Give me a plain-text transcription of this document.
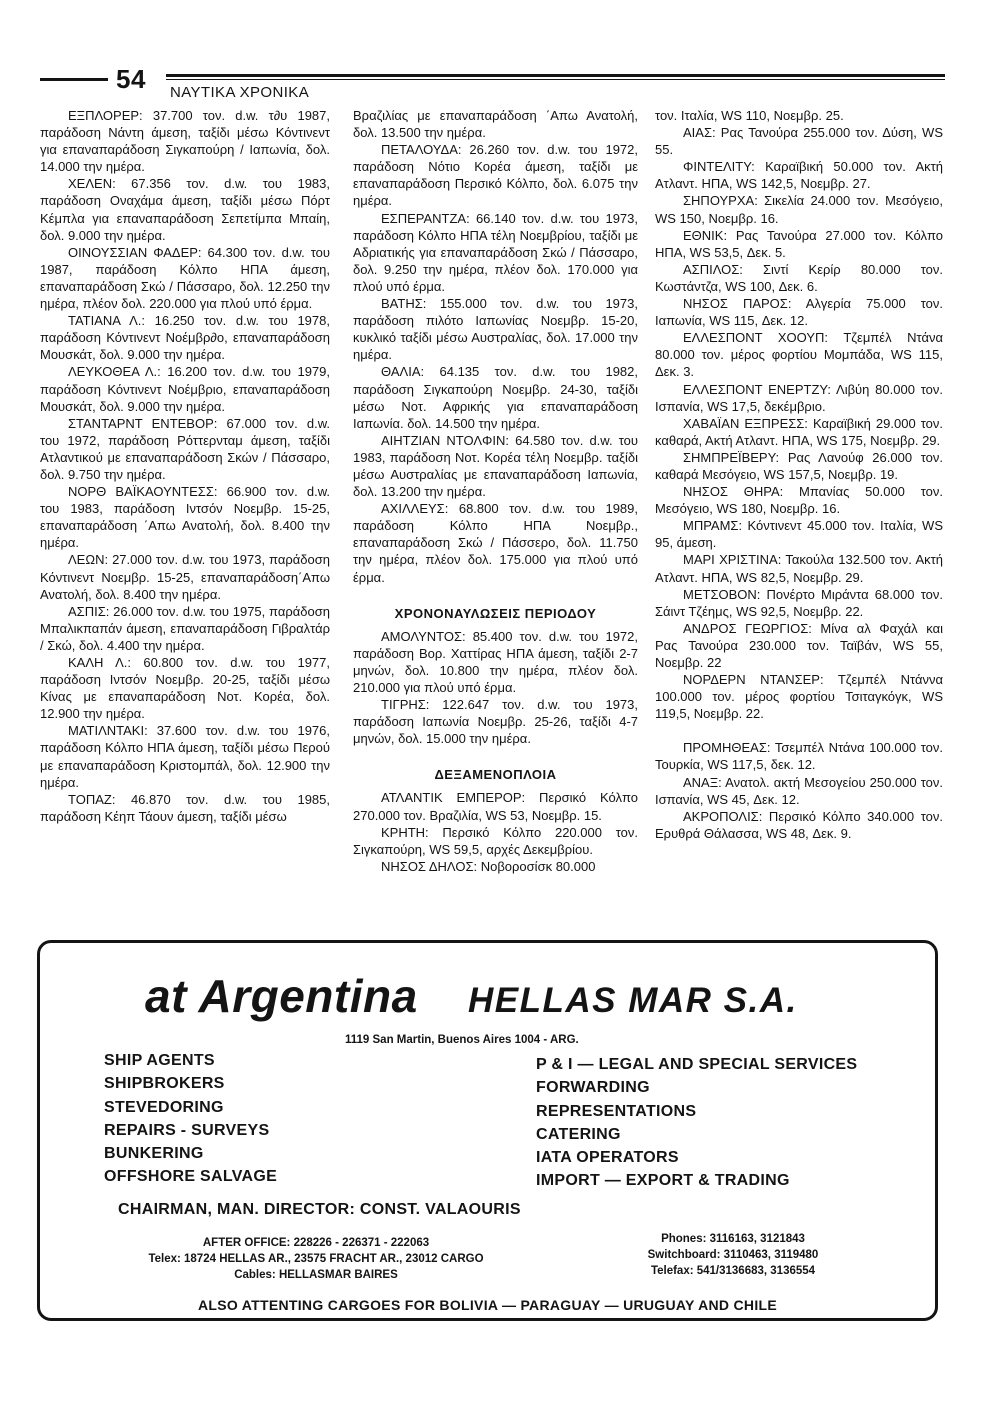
54 ΝΑΥΤΙΚΑ ΧΡΟΝΙΚΑ

ΕΞΠΛΟΡΕΡ: 37.700 τον. d.w. τ∂υ 1987, παράδοση Νάντη άμεση, ταξίδι μέσω Κόντινεντ για επαναπαράδοση Σιγκαπούρη / Ιαπωνία, δολ. 14.000 την ημέρα.

ΧΕΛΕΝ: 67.356 τον. d.w. του 1983, παράδοση Οναχάμα άμεση, ταξίδι μέσω Πόρτ Κέμπλα για επαναπαράδοση Σεπετίμπα Μπαίη, δολ. 9.000 την ημέρα.

ΟΙΝΟΥΣΣΙΑΝ ΦΑΔΕΡ: 64.300 τον. d.w. του 1987, παράδοση Κόλπο ΗΠΑ άμεση, επαναπαράδοση Σκώ / Πάσσαρο, δολ. 12.250 την ημέρα, πλέον δολ. 220.000 για πλού υπό έρμα.

ΤΑΤΙΑΝΑ Λ.: 16.250 τον. d.w. του 1978, παράδοση Κόντινεντ Νοέμβρ∂ο, επαναπαράδοση Μουσκάτ, δολ. 9.000 την ημέρα.

ΛΕΥΚΟΘΕΑ Λ.: 16.200 τον. d.w. του 1979, παράδοση Κόντινεντ Νοέμβριο, επαναπαράδοση Μουσκάτ, δολ. 9.000 την ημέρα.

ΣΤΑΝΤΑΡΝΤ ΕΝΤΕΒΟΡ: 67.000 τον. d.w. του 1972, παράδοση Ρόττερνταμ άμεση, ταξίδι Ατλαντικού με επαναπαράδοση Σκών / Πάσσαρο, δολ. 9.750 την ημέρα.

ΝΟΡΘ ΒΑΪΚΑΟΥΝΤΕΣΣ: 66.900 τον. d.w. του 1983, παράδοση Ιντσόν Νοεμβρ. 15-25, επαναπαράδοση ΄Απω Ανατολή, δολ. 8.400 την ημέρα.

ΛΕΩΝ: 27.000 τον. d.w. του 1973, παράδοση Κόντινεντ Νοεμβρ. 15-25, επαναπαράδοση΄Απω Ανατολή, δολ. 8.400 την ημέρα.

ΑΣΠΙΣ: 26.000 τον. d.w. του 1975, παράδοση Μπαλικπαπάν άμεση, επαναπαράδοση Γιβραλτάρ / Σκώ, δολ. 4.400 την ημέρα.

ΚΑΛΗ Λ.: 60.800 τον. d.w. του 1977, παράδοση Ιντσόν Νοεμβρ. 20-25, ταξίδι μέσω Κίνας με επαναπαράδοση Νοτ. Κορέα, δολ. 12.900 την ημέρα.

ΜΑΤΙΛΝΤΑΚΙ: 37.600 τον. d.w. του 1976, παράδοση Κόλπο ΗΠΑ άμεση, ταξίδι μέσω Περού με επαναπαράδοση Κριστομπάλ, δολ. 12.900 την ημέρα.

ΤΟΠΑΖ: 46.870 τον. d.w. του 1985, παράδοση Κέηπ Τάουν άμεση, ταξίδι μέσω

Βραζιλίας με επαναπαράδοση ΄Απω Ανατολή, δολ. 13.500 την ημέρα.

ΠΕΤΑΛΟΥΔΑ: 26.260 τον. d.w. του 1972, παράδοση Νότιο Κορέα άμεση, ταξίδι με επαναπαράδοση Περσικό Κόλπο, δολ. 6.075 την ημέρα.

ΕΣΠΕΡΑΝΤΖΑ: 66.140 τον. d.w. του 1973, παράδοση Κόλπο ΗΠΑ τέλη Νοεμβρίου, ταξίδι με Αδριατικής για επαναπαράδοση Σκώ / Πάσσαρο, δολ. 9.250 την ημέρα, πλέον δολ. 170.000 για πλού υπό έρμα.

ΒΑΤΗΣ: 155.000 τον. d.w. του 1973, παράδοση πιλότο Ιαπωνίας Νοεμβρ. 15-20, κυκλικό ταξίδι μέσω Αυστραλίας, δολ. 17.000 την ημέρα.

ΘΑΛΙΑ: 64.135 τον. d.w. του 1982, παράδοση Σιγκαπούρη Νοεμβρ. 24-30, ταξίδι μέσω Νοτ. Αφρικής για επαναπαράδοση Ιαπωνία. δολ. 14.500 την ημέρα.

ΑΙΗΤΖΙΑΝ ΝΤΟΛΦΙΝ: 64.580 τον. d.w. του 1983, παράδοση Νοτ. Κορέα τέλη Νοεμβρ. ταξίδι μέσω Αυστραλίας με επαναπαράδοση Ιαπωνία, δολ. 13.200 την ημέρα.

ΑΧΙΛΛΕΥΣ: 68.800 τον. d.w. του 1989, παράδοση Κόλπο ΗΠΑ Νοεμβρ., επαναπαράδοση Σκώ / Πάσσερο, δολ. 11.750 την ημέρα, πλέον δολ. 175.000 για πλού υπό έρμα.

ΧΡΟΝΟΝΑΥΛΩΣΕΙΣ ΠΕΡΙΟΔΟΥ

ΑΜΟΛΥΝΤΟΣ: 85.400 τον. d.w. του 1972, παράδοση Βορ. Χαττίρας ΗΠΑ άμεση, ταξίδι 2-7 μηνών, δολ. 10.800 την ημέρα, πλέον δολ. 210.000 για πλού υπό έρμα.

ΤΙΓΡΗΣ: 122.647 τον. d.w. του 1973, παράδοση Ιαπωνία Νοεμβρ. 25-26, ταξίδι 4-7 μηνών, δολ. 15.000 την ημέρα.

ΔΕΞΑΜΕΝΟΠΛΟΙΑ

ΑΤΛΑΝΤΙΚ ΕΜΠΕΡΟΡ: Περσικό Κόλπο 270.000 τον. Βραζιλία, WS 53, Νοεμβρ. 15.

ΚΡΗΤΗ: Περσικό Κόλπο 220.000 τον. Σιγκαπούρη, WS 59,5, αρχές Δεκεμβρίου.

ΝΗΣΟΣ ΔΗΛΟΣ: Νοβοροσίσκ 80.000

τον. Ιταλία, WS 110, Νοεμβρ. 25.

ΑΙΑΣ: Ρας Τανούρα 255.000 τον. Δύση, WS 55.

ΦΙΝΤΕΛΙΤΥ: Καραϊβική 50.000 τον. Ακτή Ατλαντ. ΗΠΑ, WS 142,5, Νοεμβρ. 27.

ΣΗΠΟΥΡΧΑ: Σικελία 24.000 τον. Μεσόγειο, WS 150, Νοεμβρ. 16.

ΕΘΝΙΚ: Ρας Τανούρα 27.000 τον. Κόλπο ΗΠΑ, WS 53,5, Δεκ. 5.

ΑΣΠΙΛΟΣ: Σιντί Κερίρ 80.000 τον. Κωστάντζα, WS 100, Δεκ. 6.

ΝΗΣΟΣ ΠΑΡΟΣ: Αλγερία 75.000 τον. Ιαπωνία, WS 115, Δεκ. 12.

ΕΛΛΕΣΠΟΝΤ ΧΟΟΥΠ: Τζεμπέλ Ντάνα 80.000 τον. μέρος φορτίου Μομπάδα, WS 115, Δεκ. 3.

ΕΛΛΕΣΠΟΝΤ ΕΝΕΡΤΖΥ: Λιβύη 80.000 τον. Ισπανία, WS 17,5, δεκέμβριο.

ΧΑΒΑΪΑΝ ΕΞΠΡΕΣΣ: Καραϊβική 29.000 τον. καθαρά, Ακτή Ατλαντ. ΗΠΑ, WS 175, Νοεμβρ. 29.

ΣΗΜΠΡΕΪΒΕΡΥ: Ρας Λανούφ 26.000 τον. καθαρά Μεσόγειο, WS 157,5, Νοεμβρ. 19.

ΝΗΣΟΣ ΘΗΡΑ: Μπανίας 50.000 τον. Μεσόγειο, WS 180, Νοεμβρ. 16.

ΜΠΡΑΜΣ: Κόντινεντ 45.000 τον. Ιταλία, WS 95, άμεση.

ΜΑΡΙ ΧΡΙΣΤΙΝΑ: Τακούλα 132.500 τον. Ακτή Ατλαντ. ΗΠΑ, WS 82,5, Νοεμβρ. 29.

ΜΕΤΣΟΒΟΝ: Πονέρτο Μιράντα 68.000 τον. Σάιντ Τζέημς, WS 92,5, Νοεμβρ. 22.

ΑΝΔΡΟΣ ΓΕΩΡΓΙΟΣ: Μίνα αλ Φαχάλ και Ρας Τανούρα 230.000 τον. Ταϊβάν, WS 55, Νοεμβρ. 22

ΝΟΡΔΕΡΝ ΝΤΑΝΣΕΡ: Τζεμπέλ Ντάννα 100.000 τον. μέρος φορτίου Τσιταγκόγκ, WS 119,5, Νοεμβρ. 22.

ΠΡΟΜΗΘΕΑΣ: Τσεμπέλ Ντάνα 100.000 τον. Τουρκία, WS 117,5, δεκ. 12.

ΑΝΑΞ: Ανατολ. ακτή Μεσογείου 250.000 τον. Ισπανία, WS 45, Δεκ. 12.

ΑΚΡΟΠΟΛΙΣ: Περσικό Κόλπο 340.000 τον. Ερυθρά Θάλασσα, WS 48, Δεκ. 9.

at Argentina HELLAS MAR S.A.
1119 San Martin, Buenos Aires 1004 - ARG.
SHIP AGENTS
SHIPBROKERS
STEVEDORING
REPAIRS - SURVEYS
BUNKERING
OFFSHORE SALVAGE
P & I — LEGAL AND SPECIAL SERVICES
FORWARDING
REPRESENTATIONS
CATERING
IATA OPERATORS
IMPORT — EXPORT & TRADING
CHAIRMAN, MAN. DIRECTOR: CONST. VALAOURIS
AFTER OFFICE: 228226 - 226371 - 222063
Telex: 18724 HELLAS AR., 23575 FRACHT AR., 23012 CARGO
Cables: HELLASMAR BAIRES
Phones: 3116163, 3121843
Switchboard: 3110463, 3119480
Telefax: 541/3136683, 3136554
ALSO ATTENTING CARGOES FOR BOLIVIA — PARAGUAY — URUGUAY AND CHILE
